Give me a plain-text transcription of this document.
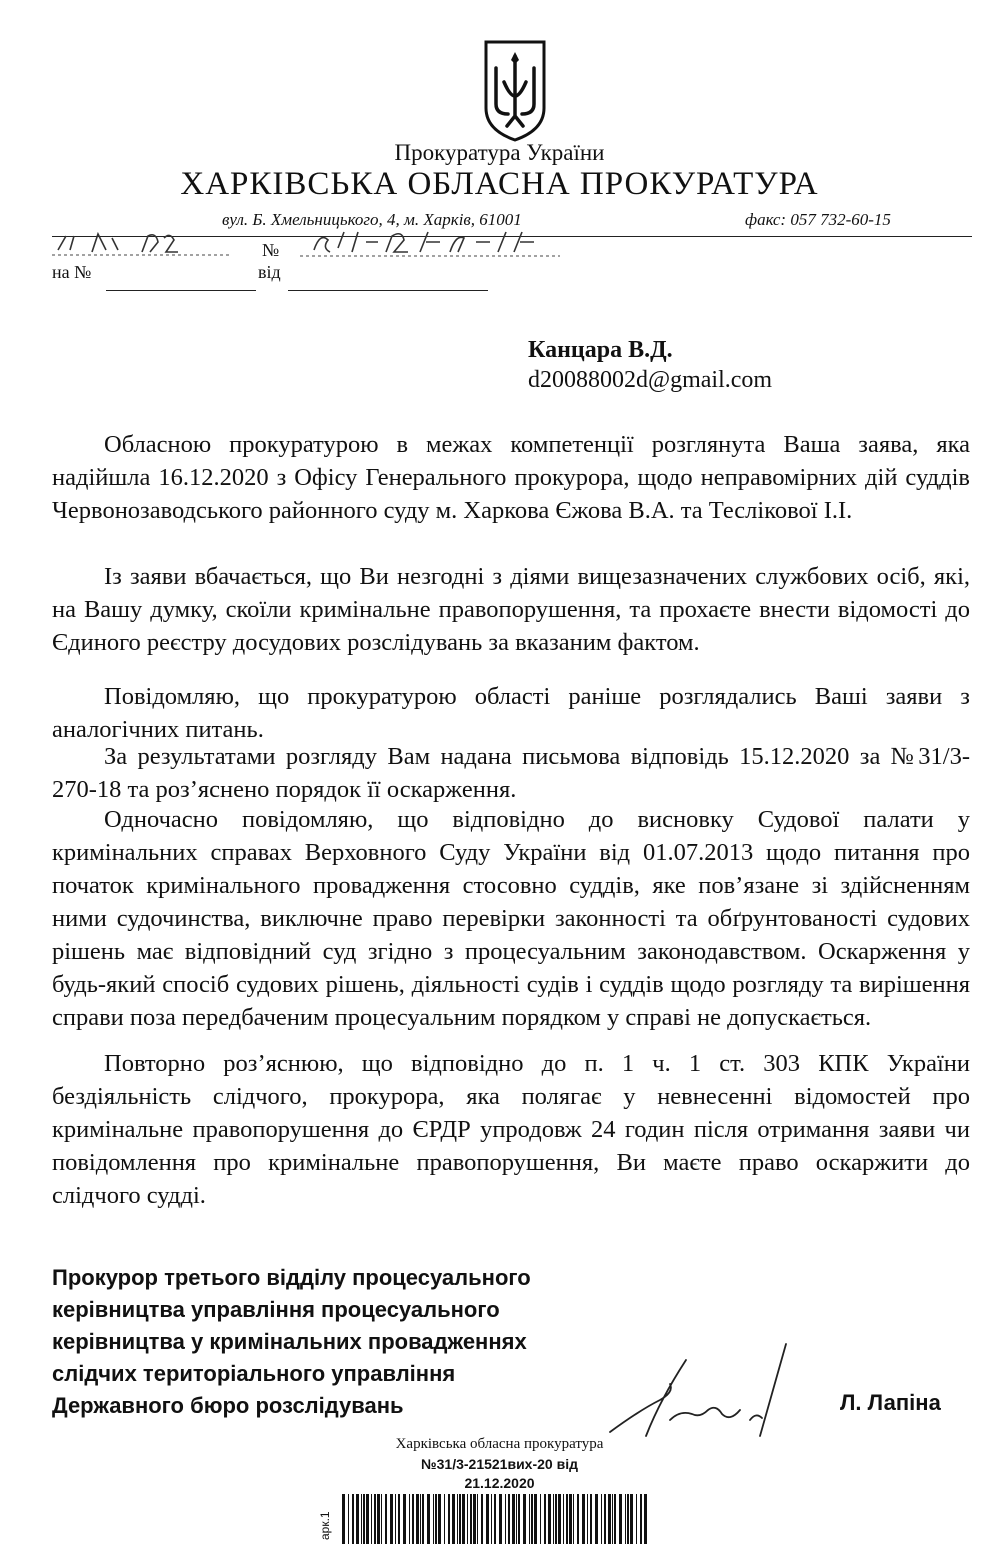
Прокуратура України
ХАРКІВСЬКА ОБЛАСНА ПРОКУРАТУРА
вул. Б. Хмельницького, 4, м. Харків, 61001	факс: 057 732-60-15
№
на №	від
Канцара В.Д.
d20088002d@gmail.com

Обласною прокуратурою в межах компетенції розглянута Ваша заява, яка надійшла 16.12.2020 з Офісу Генерального прокурора, щодо неправомірних дій суддів Червонозаводського районного суду м. Харкова Єжова В.А. та Теслікової І.І.

Із заяви вбачається, що Ви незгодні з діями вищезазначених службових осіб, які, на Вашу думку, скоїли кримінальне правопорушення, та прохаєте внести відомості до Єдиного реєстру досудових розслідувань за вказаним фактом.

Повідомляю, що прокуратурою області раніше розглядались Ваші заяви з аналогічних питань.

За результатами розгляду Вам надана письмова відповідь 15.12.2020 за №31/3-270-18 та роз’яснено порядок її оскарження.

Одночасно повідомляю, що відповідно до висновку Судової палати у кримінальних справах Верховного Суду України від 01.07.2013 щодо питання про початок кримінального провадження стосовно суддів, яке пов’язане зі здійсненням ними судочинства, виключне право перевірки законності та обґрунтованості судових рішень має відповідний суд згідно з процесуальним законодавством. Оскарження у будь-який спосіб судових рішень, діяльності судів і суддів щодо розгляду та вирішення справи поза передбаченим процесуальним порядком у справі не допускається.

Повторно роз’яснюю, що відповідно до п. 1 ч. 1 ст. 303 КПК України бездіяльність слідчого, прокурора, яка полягає у невнесенні відомостей про кримінальне правопорушення до ЄРДР упродовж 24 годин після отримання заяви чи повідомлення про кримінальне правопорушення, Ви маєте право оскаржити до слідчого судді.

Прокурор третього відділу процесуального
керівництва управління процесуального
керівництва у кримінальних провадженнях
слідчих територіального управління
Державного бюро розслідувань	Л. Лапіна
Харківська обласна прокуратура
№31/3-21521вих-20 від
21.12.2020
арк.1
